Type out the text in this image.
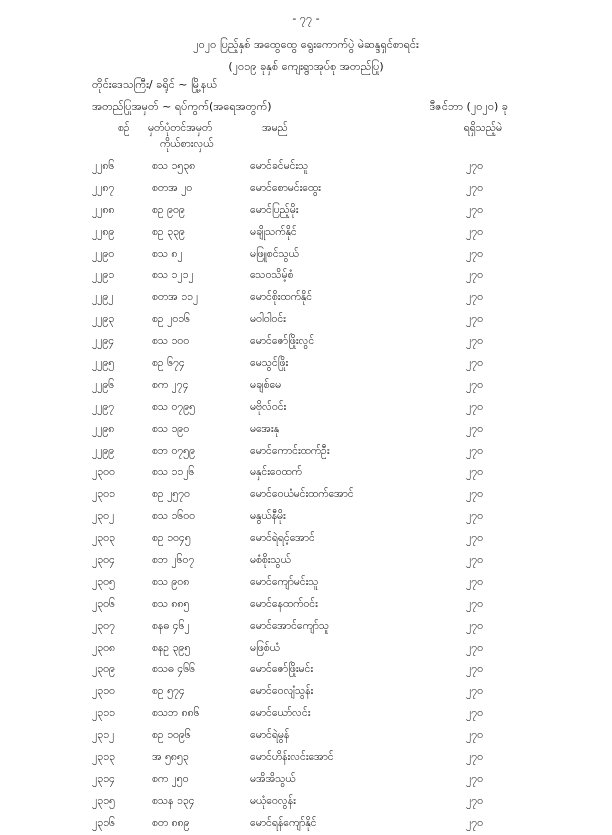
- ၇၇ -
၂၀၂၀ ပြည့်နှစ် အထွေထွေ ရွေးကောက်ပွဲ မဲဆန္ဒရှင်စာရင်း
(၂၀၁၉ ခုနှစ် ကျေးရွာအုပ်စု အတည်ပြု)
တိုင်းဒေသကြီး/ ခရိုင် ~ မြို့နယ်
အတည်ပြုအမှတ် ~ ရပ်ကွက်(အရေအတွက်)	ဒီဇင်ဘာ (၂၀၂၀) ခု
စဉ် မှတ်ပုံတင်အမှတ်
ကိုယ်စားလှယ်
အမည်	ရရှိသည့်မဲ
၂၂၈၆	စသ ၁၅၃၈	မောင်ခင်မင်းသူ	၂၇၀
၂၂၈၇	စတအ ၂၀	မောင်စောမင်းထွေး	၂၇၀
၂၂၈၈	စဥ ၉၀၉	မောင်ပြည့်မိုး	၂၇၀
၂၂၈၉	စဥ ၃၃၉	မချိုသက်နိုင်	၂၇၀
၂၂၉၀	စသ ၈၂	မဖြူစင်သွယ်	၂၇၀
၂၂၉၁	စသ ၁၂၁၂	သေဝသိမ့်စံ	၂၇၀
၂၂၉၂	စတအ ၁၁၂	မောင်စိုးထက်နိုင်	၂၇၀
၂၂၉၃	စဥ ၂၀၁၆	မဝါဝါဝင်း	၂၇၀
၂၂၉၄	စသ ၁၀၀	မောင်ဇော်ဖြိုးလွင်	၂၇၀
၂၂၉၅	စဥ ၆၇၄	မေသွင်ဖြိုး	၂၇၀
၂၂၉၆	စက ၂၇၄	မချစ်မေ	၂၇၀
၂၂၉၇	စသ ၀၇၉၅	မဗိုလ်ဝင်း	၂၇၀
၂၂၉၈	စသ ၁၉၀	မအေးနု	၂၇၀
၂၂၉၉	စဘ ၀၇၅၉	မောင်ကောင်းထက်ဦး	၂၇၀
၂၃၀၀	စသ ၁၁၂၆	မနှင်းဝေထက်	၂၇၀
၂၃၀၁	စဥ ၂၅၇၀	မောင်ဝေယံမင်းထက်အောင်	၂၇၀
၂၃၀၂	စသ ၁၆၀၀	မနွယ်နီမိုး	၂၇၀
၂၃၀၃	စဥ ၁၀၄၅	မောင်ရဲရင့်အောင်	၂၇၀
၂၃၀၄	စဘ ၂၆၀၇	မစံစိုးသွယ်	၂၇၀
၂၃၀၅	စသ ၉၀၈	မောင်ကျော်မင်းသူ	၂၇၀
၂၃၀၆	စသ ၈၈၅	မောင်နေထက်ဝင်း	၂၇၀
၂၃၀၇	စနဓ ၄၆၂	မောင်အောင်ကျော်သူ	၂၇၀
၂၃၀၈	စနဥ ၃၉၅	မဖြစ်ယံ	၂၇၀
၂၃၀၉	စသဓ ၄၆၆	မောင်ဇော်ဖြိုးမင်း	၂၇၀
၂၃၁၀	စဥ ၅၇၄	မောင်ဝေလျံသွန်း	၂၇၀
၂၃၁၁	စသဘ ၈၈၆	မောင်ယော်လင်း	၂၇၀
၂၃၁၂	စဥ ၁၀၉၆	မောင်ရဲမွန်	၂၇၀
၂၃၁၃	အ ၅၈၅၃	မောင်ဟိန်းလင်းအောင်	၂၇၀
၂၃၁၄	စက ၂၅၀	မအိအိသွယ်	၂၇၀
၂၃၁၅	စသန ၁၃၄	မယုံဝေလွန်း	၂၇၀
၂၃၁၆	စတ ၈၈၉	မောင်ရန်ကျော်နိုင်	၂၇၀
